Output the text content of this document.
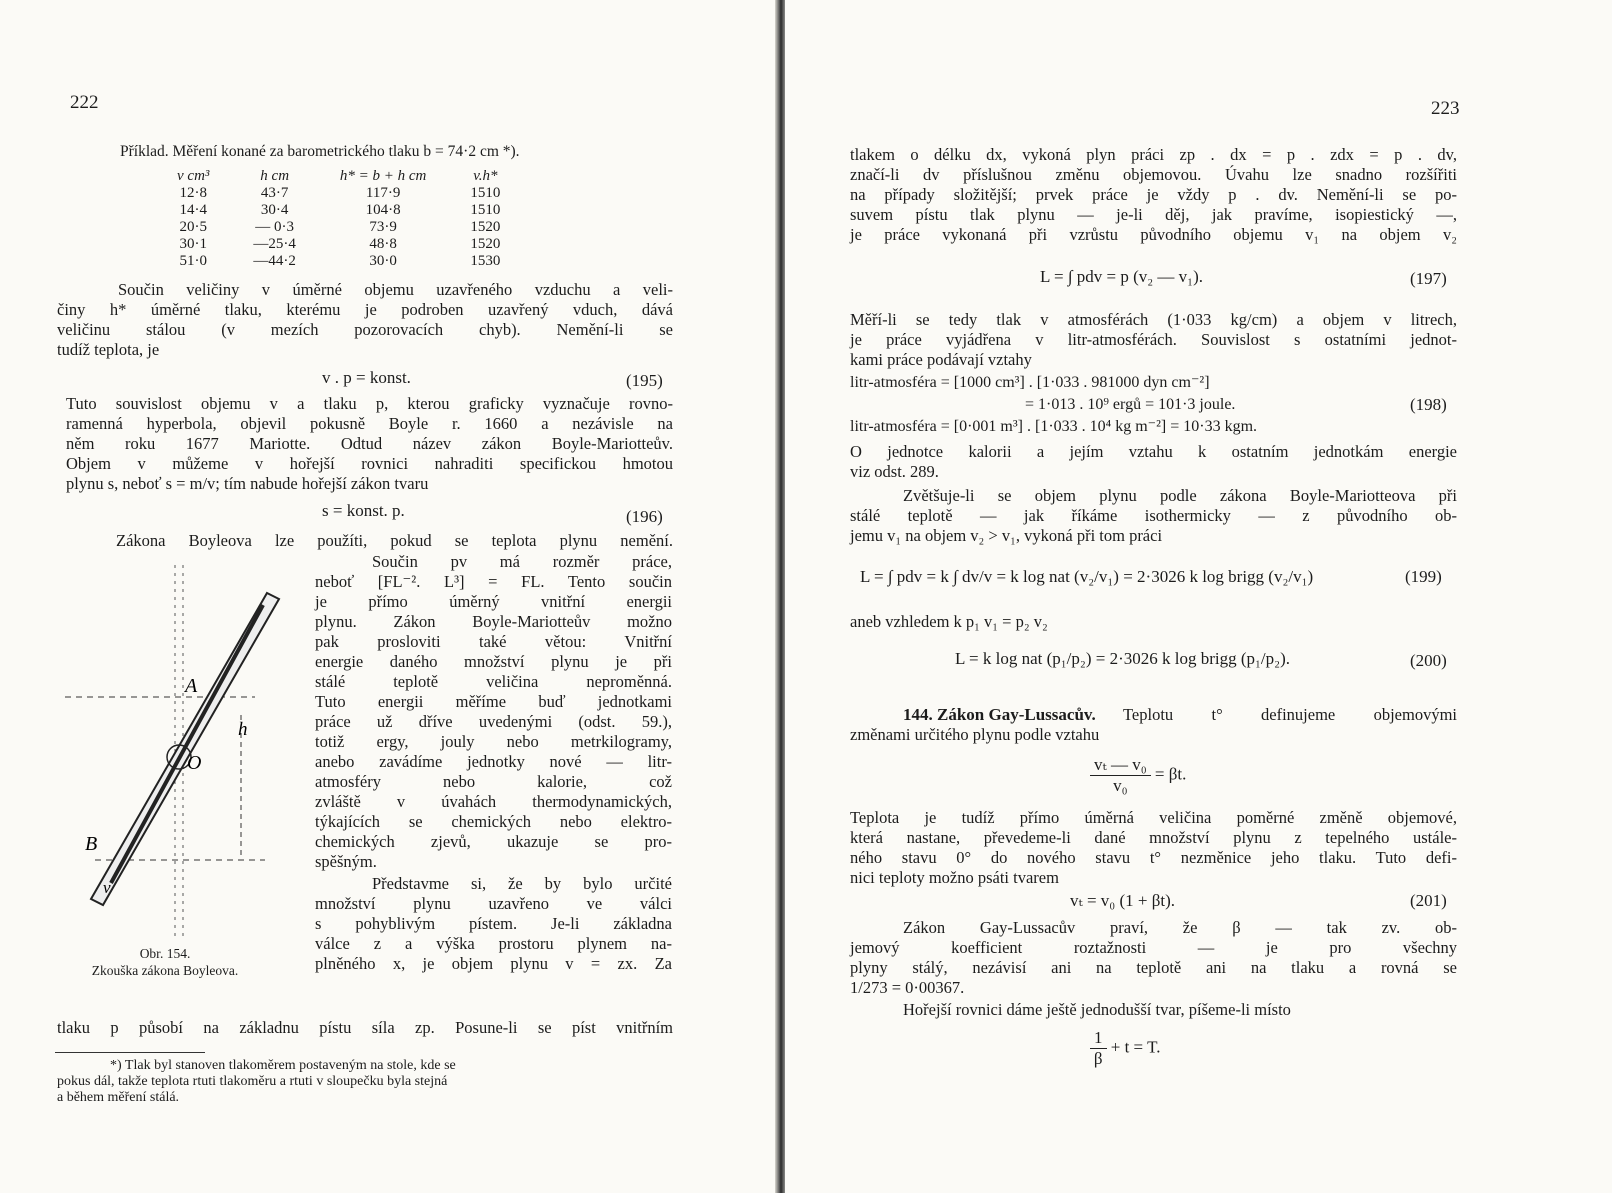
222
Příklad. Měření konané za barometrického tlaku b = 74·2 cm *).
v cm³	h cm	h* = b + h cm	v.h*
12·8	43·7	117·9	1510
14·4	30·4	104·8	1510
20·5	— 0·3	73·9	1520
30·1	—25·4	48·8	1520
51·0	—44·2	30·0	1530
Součin veličiny v úměrné objemu uzavřeného vzduchu a veli-
činy h* úměrné tlaku, kterému je podroben uzavřený vduch, dává
veličinu stálou (v mezích pozorovacích chyb). Nemění-li se
tudíž teplota, je
v . p = konst.	(195)
Tuto souvislost objemu v a tlaku p, kterou graficky vyznačuje rovno-
ramenná hyperbola, objevil pokusně Boyle r. 1660 a nezávisle na
něm roku 1677 Mariotte. Odtud název zákon Boyle-Mariotteův.
Objem v můžeme v hořejší rovnici nahraditi specifickou hmotou
plynu s, neboť s = m/v; tím nabude hořejší zákon tvaru
s = konst. p.	(196)
Zákona Boyleova lze použíti, pokud se teplota plynu nemění.
Součin pv má rozměr práce,
neboť [FL⁻². L³] = FL. Tento součin
je přímo úměrný vnitřní energii
plynu. Zákon Boyle-Mariotteův možno
pak prosloviti také větou: Vnitřní
energie daného množství plynu je při
stálé teplotě veličina neproměnná.
Tuto energii měříme buď jednotkami
práce už dříve uvedenými (odst. 59.),
totiž ergy, jouly nebo metrkilogramy,
anebo zavádíme jednotky nové — litr-
atmosféry nebo kalorie, což
zvláště v úvahách thermodynamických,
týkajících se chemických nebo elektro-
chemických zjevů, ukazuje se pro-
spěšným.
Představme si, že by bylo určité
množství plynu uzavřeno ve válci
s pohyblivým pístem. Je-li základna
válce z a výška prostoru plynem na-
plněného x, je objem plynu v = zx. Za
tlaku p působí na základnu pístu síla zp. Posune-li se píst vnitřním
A
O
B
h
v
Obr. 154.
Zkouška zákona Boyleova.
*) Tlak byl stanoven tlakoměrem postaveným na stole, kde se
pokus dál, takže teplota rtuti tlakoměru a rtuti v sloupečku byla stejná
a během měření stálá.
223
tlakem o délku dx, vykoná plyn práci zp . dx = p . zdx = p . dv,
značí-li dv příslušnou změnu objemovou. Úvahu lze snadno rozšířiti
na případy složitější; prvek práce je vždy p . dv. Nemění-li se po-
suvem pístu tlak plynu — je-li děj, jak pravíme, isopiestický —,
je práce vykonaná při vzrůstu původního objemu v₁ na objem v₂
L = ∫ pdv = p (v₂ — v₁).	(197)
Měří-li se tedy tlak v atmosférách (1·033 kg/cm) a objem v litrech,
je práce vyjádřena v litr-atmosférách. Souvislost s ostatními jednot-
kami práce podávají vztahy
litr-atmosféra = [1000 cm³] . [1·033 . 981000 dyn cm⁻²]
= 1·013 . 10⁹ ergů = 101·3 joule.	(198)
litr-atmosféra = [0·001 m³] . [1·033 . 10⁴ kg m⁻²] = 10·33 kgm.
O jednotce kalorii a jejím vztahu k ostatním jednotkám energie
viz odst. 289.
Zvětšuje-li se objem plynu podle zákona Boyle-Mariotteova při
stálé teplotě — jak říkáme isothermicky — z původního ob-
jemu v₁ na objem v₂ > v₁, vykoná při tom práci
L = ∫ pdv = k ∫ dv/v = k log nat (v₂/v₁) = 2·3026 k log brigg (v₂/v₁)	(199)
aneb vzhledem k p₁ v₁ = p₂ v₂
L = k log nat (p₁/p₂) = 2·3026 k log brigg (p₁/p₂).	(200)
144. Zákon Gay-Lussacův. Teplotu t° definujeme objemovými
změnami určitého plynu podle vztahu
$\frac{\text{vₜ — v₀}}{\text{v₀}} = \beta t$.
Teplota je tudíž přímo úměrná veličina poměrné změně objemové,
která nastane, převedeme-li dané množství plynu z tepelného ustále-
ného stavu 0° do nového stavu t° nezměnice jeho tlaku. Tuto defi-
nici teploty možno psáti tvarem
vₜ = v₀ (1 + βt).	(201)
Zákon Gay-Lussacův praví, že β — tak zv. ob-
jemový koefficient roztažnosti — je pro všechny
plyny stálý, nezávisí ani na teplotě ani na tlaku a rovná se
1/273 = 0·00367.
Hořejší rovnici dáme ještě jednodušší tvar, píšeme-li místo
$\frac{1}{\beta} + t = T$.
